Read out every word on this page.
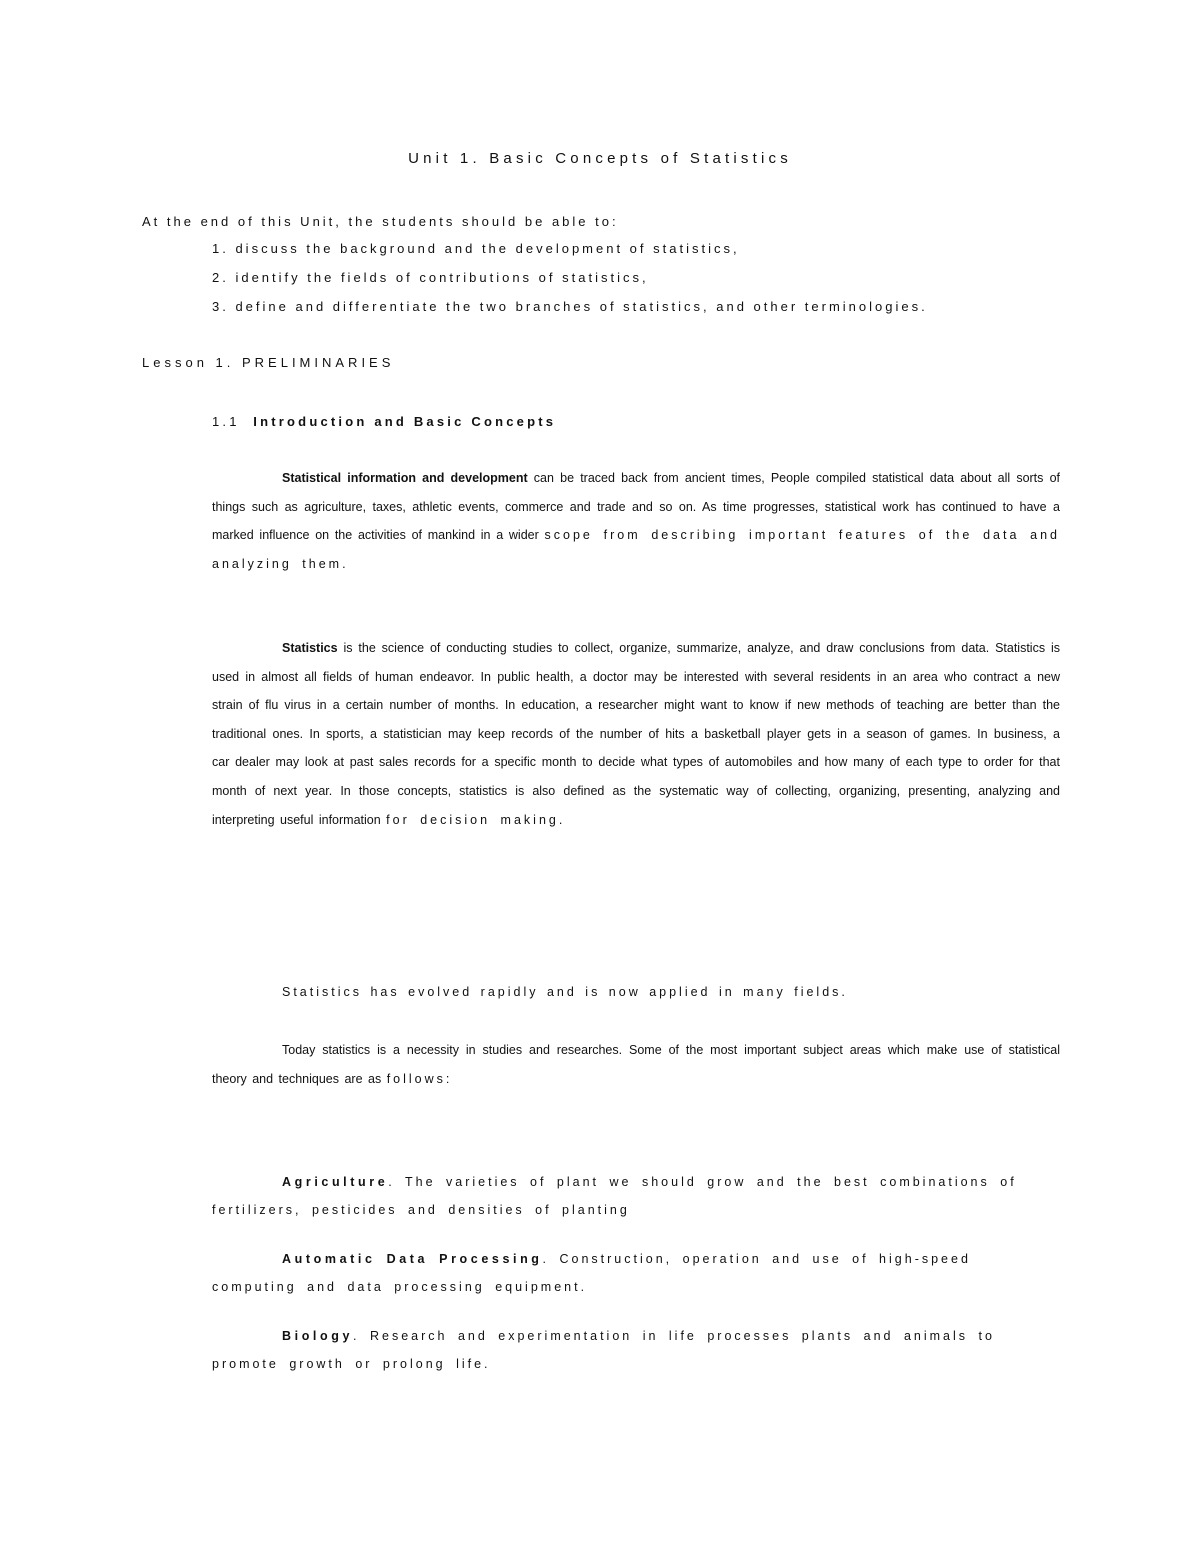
Unit 1. Basic Concepts of Statistics

At the end of this Unit, the students should be able to:

1. discuss the background and the development of statistics,
2. identify the fields of contributions of statistics,
3. define and differentiate the two branches of statistics, and other terminologies.
Lesson 1. PRELIMINARIES
1.1 Introduction and Basic Concepts

Statistical information and development can be traced back from ancient times, People compiled statistical data about all sorts of things such as agriculture, taxes, athletic events, commerce and trade and so on. As time progresses, statistical work has continued to have a marked influence on the activities of mankind in a wider scope from describing important features of the data and analyzing them.

Statistics is the science of conducting studies to collect, organize, summarize, analyze, and draw conclusions from data. Statistics is used in almost all fields of human endeavor. In public health, a doctor may be interested with several residents in an area who contract a new strain of flu virus in a certain number of months. In education, a researcher might want to know if new methods of teaching are better than the traditional ones. In sports, a statistician may keep records of the number of hits a basketball player gets in a season of games. In business, a car dealer may look at past sales records for a specific month to decide what types of automobiles and how many of each type to order for that month of next year. In those concepts, statistics is also defined as the systematic way of collecting, organizing, presenting, analyzing and interpreting useful information for decision making.

Statistics has evolved rapidly and is now applied in many fields.

Today statistics is a necessity in studies and researches. Some of the most important subject areas which make use of statistical theory and techniques are as follows:

Agriculture. The varieties of plant we should grow and the best combinations of fertilizers, pesticides and densities of planting

Automatic Data Processing. Construction, operation and use of high-speed computing and data processing equipment.

Biology. Research and experimentation in life processes plants and animals to promote growth or prolong life.
